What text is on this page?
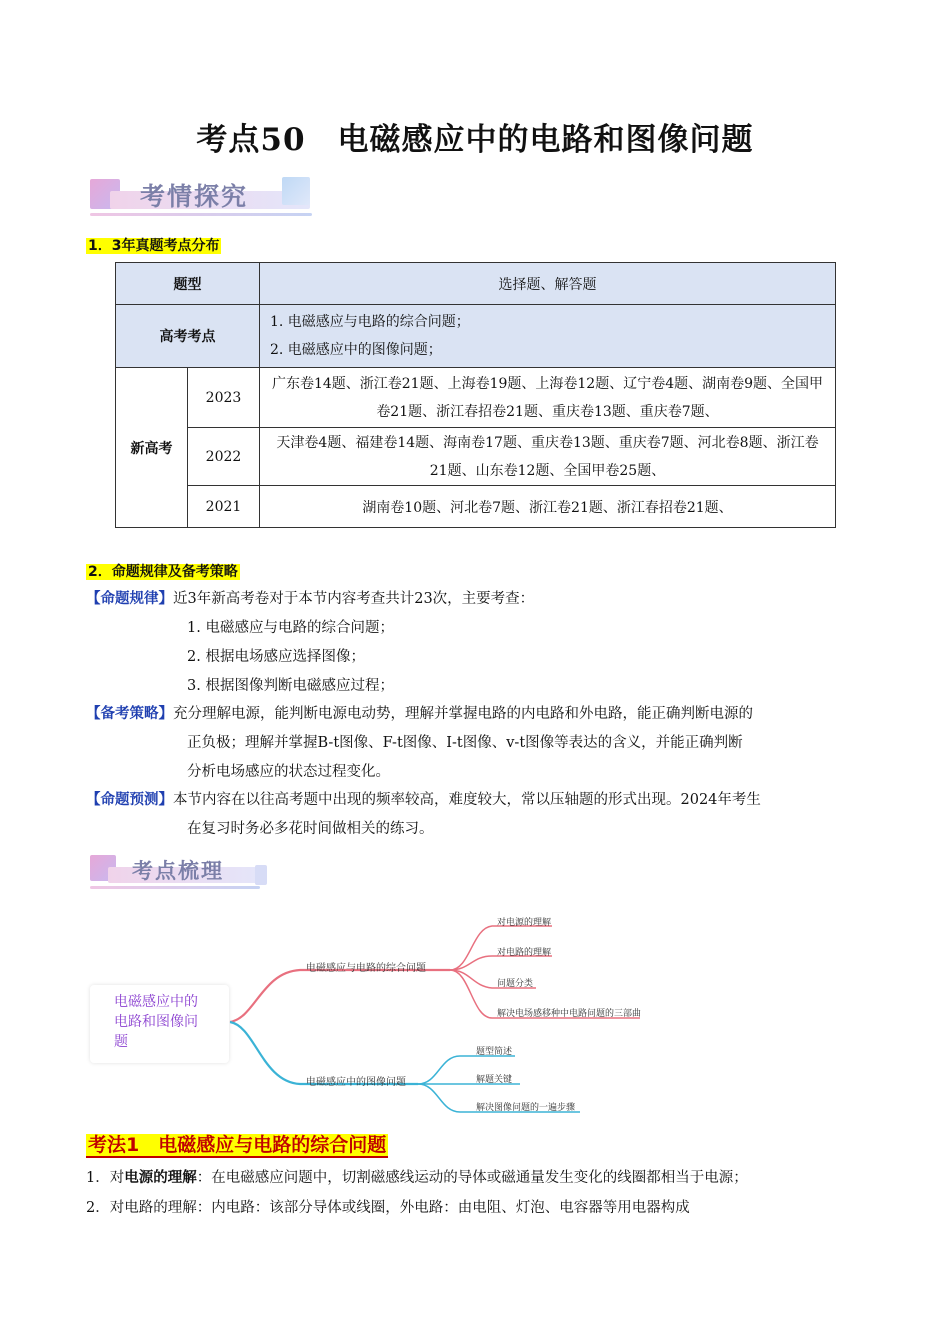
考点50　电磁感应中的电路和图像问题
考情探究
1．3年真题考点分布
题型		选择题、解答题
高考考点		1. 电磁感应与电路的综合问题；
2. 电磁感应中的图像问题；

新高考	2023	广东卷14题、浙江卷21题、上海卷19题、上海卷12题、辽宁卷4题、湖南卷9题、全国甲卷21题、浙江春招卷21题、重庆卷13题、重庆卷7题、
	2022	天津卷4题、福建卷14题、海南卷17题、重庆卷13题、重庆卷7题、河北卷8题、浙江卷21题、山东卷12题、全国甲卷25题、
	2021	湖南卷10题、河北卷7题、浙江卷21题、浙江春招卷21题、
2．命题规律及备考策略
【命题规律】近3年新高考卷对于本节内容考查共计23次，主要考查：
1. 电磁感应与电路的综合问题；
2. 根据电场感应选择图像；
3. 根据图像判断电磁感应过程；
【备考策略】充分理解电源，能判断电源电动势，理解并掌握电路的内电路和外电路，能正确判断电源的
正负极；理解并掌握B-t图像、F-t图像、I-t图像、v-t图像等表达的含义，并能正确判断
分析电场感应的状态过程变化。
【命题预测】本节内容在以往高考题中出现的频率较高，难度较大，常以压轴题的形式出现。2024年考生
在复习时务必多花时间做相关的练习。
考点梳理
电磁感应中的
电路和图像问
题
电磁感应与电路的综合问题
对电源的理解
对电路的理解
问题分类
解决电场感移种中电路问题的三部曲
电磁感应中的图像问题
题型简述
解题关键
解决图像问题的一遍步骤
考法1　电磁感应与电路的综合问题
1．对电源的理解：在电磁感应问题中，切割磁感线运动的导体或磁通量发生变化的线圈都相当于电源；
2．对电路的理解：内电路：该部分导体或线圈，外电路：由电阻、灯泡、电容器等用电器构成
